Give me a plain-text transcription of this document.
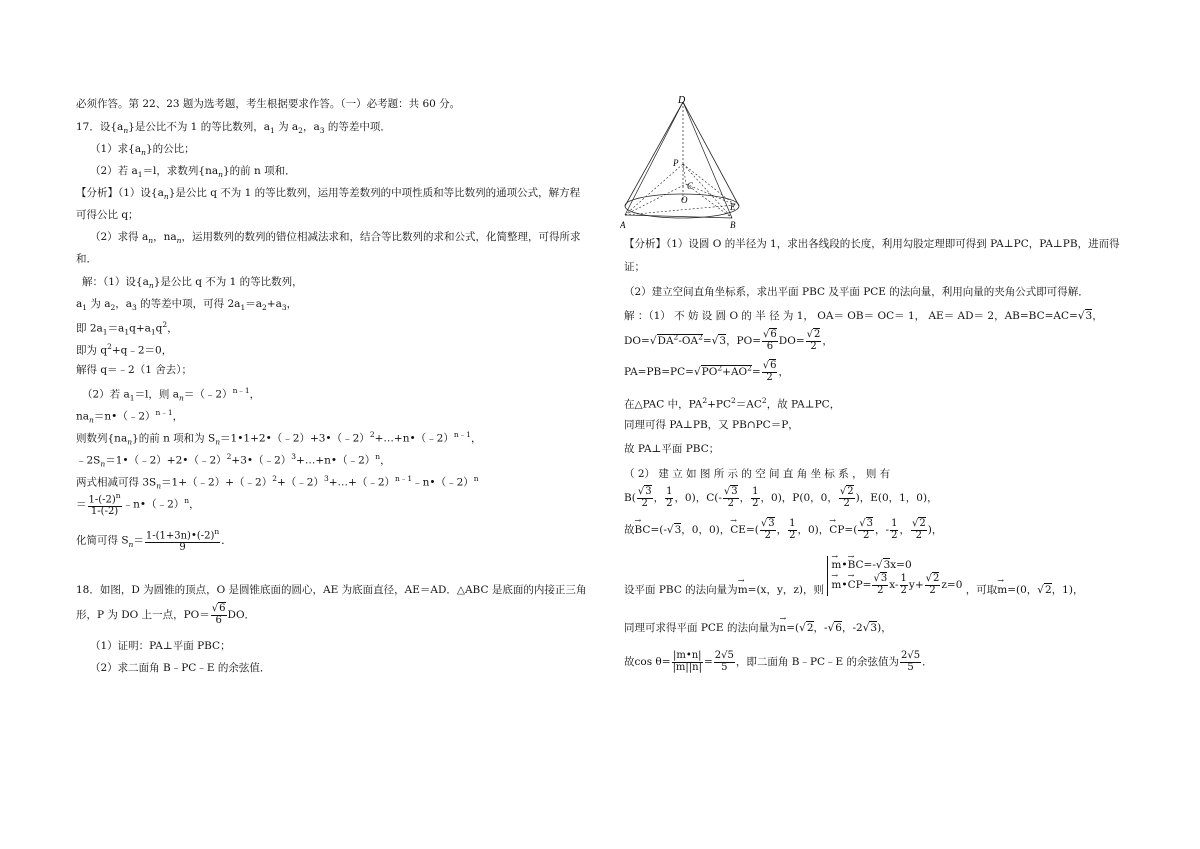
必须作答。第 22、23 题为选考题，考生根据要求作答。（一）必考题：共 60 分。
17．设$\{a_n\}$是公比不为 1 的等比数列，$a_1$ 为 $a_2$，$a_3$ 的等差中项．
（1）求$\{a_n\}$的公比；
（2）若 $a_1=l$，求数列$\{na_n\}$的前 n 项和．
【分析】（1）设$\{a_n\}$是公比 q 不为 1 的等比数列，运用等差数列的中项性质和等比数列的通项公式，解方程
可得公比 q；
（2）求得 $a_n$，$na_n$，运用数列的数列的错位相减法求和，结合等比数列的求和公式，化简整理，可得所求
和．
解：（1）设$\{a_n\}$是公比 q 不为 1 的等比数列，
$a_1$ 为 $a_2$，$a_3$ 的等差中项，可得 $2a_1=a_2+a_3$，
即 $2a_1=a_1q+a_1q^2$，
即为 $q^2+q﹣2=0$，
解得 q＝﹣2（1 舍去）；
（2）若 $a_1=l$，则 $a_n=(﹣2)^{n﹣1}$，
$na_n=n•(﹣2)^{n﹣1}$，
则数列$\{na_n\}$的前 n 项和为 $S_n=1•1+2•(﹣2)+3•(﹣2)^2+\dots+n•(﹣2)^{n﹣1}$，
$﹣2S_n=1•(﹣2)+2•(﹣2)^2+3•(﹣2)^3+\dots+n•(﹣2)^n$，
两式相减可得 $3S_n=1+(﹣2)+(﹣2)^2+(﹣2)^3+\dots+(﹣2)^{n﹣1}﹣n•(﹣2)^n$
＝ $\frac{1-(-2)^n}{1-(-2)}$ ﹣n•（﹣2）$^n$，
化简可得 $S_n= \frac{1-(1+3n)•(-2)^n}{9}$ ．
18．如图，D 为圆锥的顶点，O 是圆锥底面的圆心，AE 为底面直径，AE＝AD．△ABC 是底面的内接正三角
形，P 为 DO 上一点，$PO= \frac{√6}{6}$ DO．
（1）证明：PA⊥平面 PBC；
（2）求二面角 B﹣PC﹣E 的余弦值．
D
P
C
O
E
A	B
【分析】（1）设圆 O 的半径为 1，求出各线段的长度，利用勾股定理即可得到 PA⊥PC，PA⊥PB，进而得
证；
（2）建立空间直角坐标系，求出平面 PBC 及平面 PCE 的法向量，利用向量的夹角公式即可得解．
解 ：（1） 不 妨 设 圆 O 的 半 径 为 1， OA＝ OB＝ OC＝ 1， AE＝ AD＝ 2，AB=BC=AC=√3，
$DO=√DA^2-OA^2=√3$，$PO= \frac{√6}{6} DO= \frac{√2}{2}$ ，
$PA=PB=PC=√PO^2+AO^2= \frac{√6}{2}$ ，
在△PAC 中，$PA^2+PC^2=AC^2$，故 PA⊥PC，
同理可得 PA⊥PB，又 PB∩PC＝P，
故 PA⊥平面 PBC；
（ 2） 建 立 如 图 所 示 的 空 间 直 角 坐 标 系 ， 则 有
$B( \frac{√3}{2}$ ， $\frac{1}{2}$ ，0)，$C(- \frac{√3}{2}$ ， $\frac{1}{2}$ ，0)，P(0，0， $\frac{√2}{2}$ )，E(0，1，0)，
故→ BC=(-√3，0，0)，→ $CE=( \frac{√3}{2}$ ， $\frac{1}{2}$ ，0)，→ $CP=( \frac{√3}{2}$ ，- $\frac{1}{2}$ ， $\frac{√2}{2}$ )，
设平面 PBC 的法向量为→ m=(x，y，z)，则
→ m•→ BC=-√3x=0
→ m•→ $CP= \frac{√3}{2} x- \frac{1}{2} y+ \frac{√2}{2} z=0$ ，可取→ m=(0，√2，1)，
同理可求得平面 PCE 的法向量为→ n=(√2，-√6，-2√3)，
故$\cos \theta= \frac{|m•n|}{|m||n|} = \frac{2√5}{5}$ ，即二面角 B﹣PC﹣E 的余弦值为 $\frac{2√5}{5}$ ．
